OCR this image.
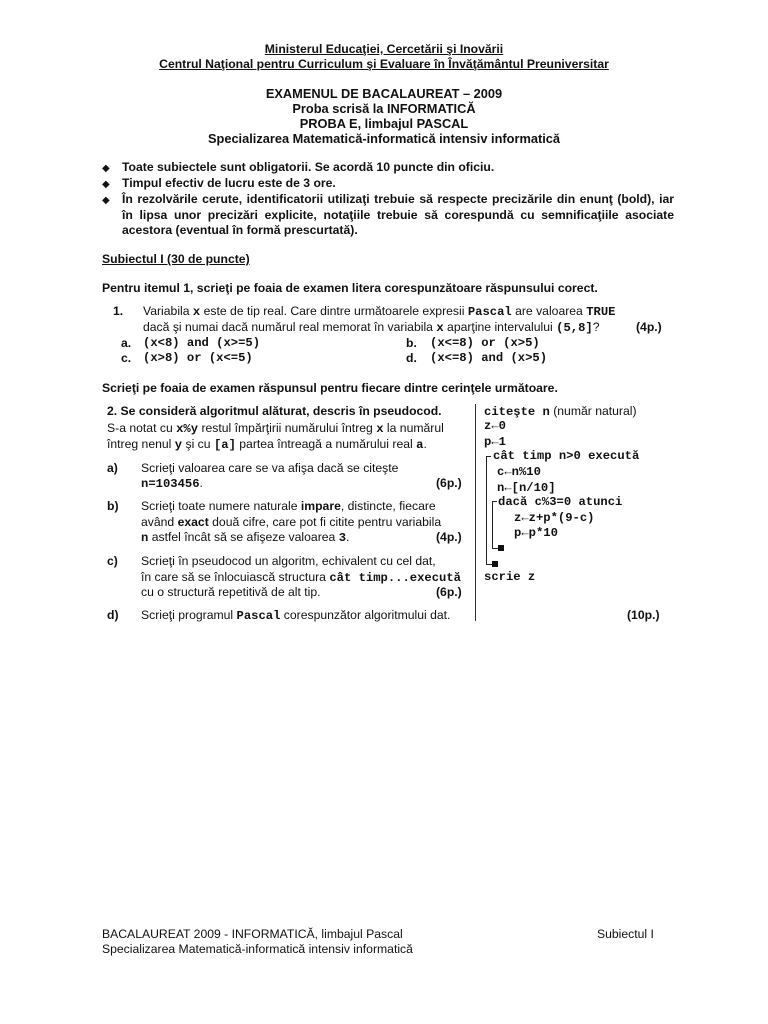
Ministerul Educaţiei, Cercetării şi Inovării
Centrul Naţional pentru Curriculum şi Evaluare în Învăţământul Preuniversitar
EXAMENUL DE BACALAUREAT – 2009
Proba scrisă la INFORMATICĂ
PROBA E, limbajul PASCAL
Specializarea Matematică-informatică intensiv informatică
◆ Toate subiectele sunt obligatorii. Se acordă 10 puncte din oficiu.
◆ Timpul efectiv de lucru este de 3 ore.
◆ În rezolvările cerute, identificatorii utilizaţi trebuie să respecte precizările din enunţ (bold), iar în lipsa unor precizări explicite, notaţiile trebuie să corespundă cu semnificaţiile asociate acestora (eventual în formă prescurtată).
Subiectul I (30 de puncte)
Pentru itemul 1, scrieţi pe foaia de examen litera corespunzătoare răspunsului corect.
1. Variabila x este de tip real. Care dintre următoarele expresii Pascal are valoarea TRUE
dacă şi numai dacă numărul real memorat în variabila x aparţine intervalului (5,8]?	(4p.)
a. (x<8) and (x>=5)	b. (x<=8) or (x>5)
c. (x>8) or (x<=5)	d. (x<=8) and (x>5)
Scrieţi pe foaia de examen răspunsul pentru fiecare dintre cerinţele următoare.
2. Se consideră algoritmul alăturat, descris în pseudocod.
S-a notat cu x%y restul împărţirii numărului întreg x la numărul
întreg nenul y şi cu [a] partea întreagă a numărului real a.
a) Scrieţi valoarea care se va afişa dacă se citeşte
n=103456.	(6p.)
b) Scrieţi toate numere naturale impare, distincte, fiecare
având exact două cifre, care pot fi citite pentru variabila
n astfel încât să se afişeze valoarea 3.	(4p.)
c) Scrieţi în pseudocod un algoritm, echivalent cu cel dat,
în care să se înlocuiască structura cât timp...execută
cu o structură repetitivă de alt tip.	(6p.)
d) Scrieţi programul Pascal corespunzător algoritmului dat.	(10p.)
citeşte n (număr natural)
z←0
p←1
cât timp n>0 execută
c←n%10
n←[n/10]
dacă c%3=0 atunci
z←z+p*(9-c)
p←p*10
scrie z
BACALAUREAT 2009 - INFORMATICĂ, limbajul Pascal
Specializarea Matematică-informatică intensiv informatică
Subiectul I
